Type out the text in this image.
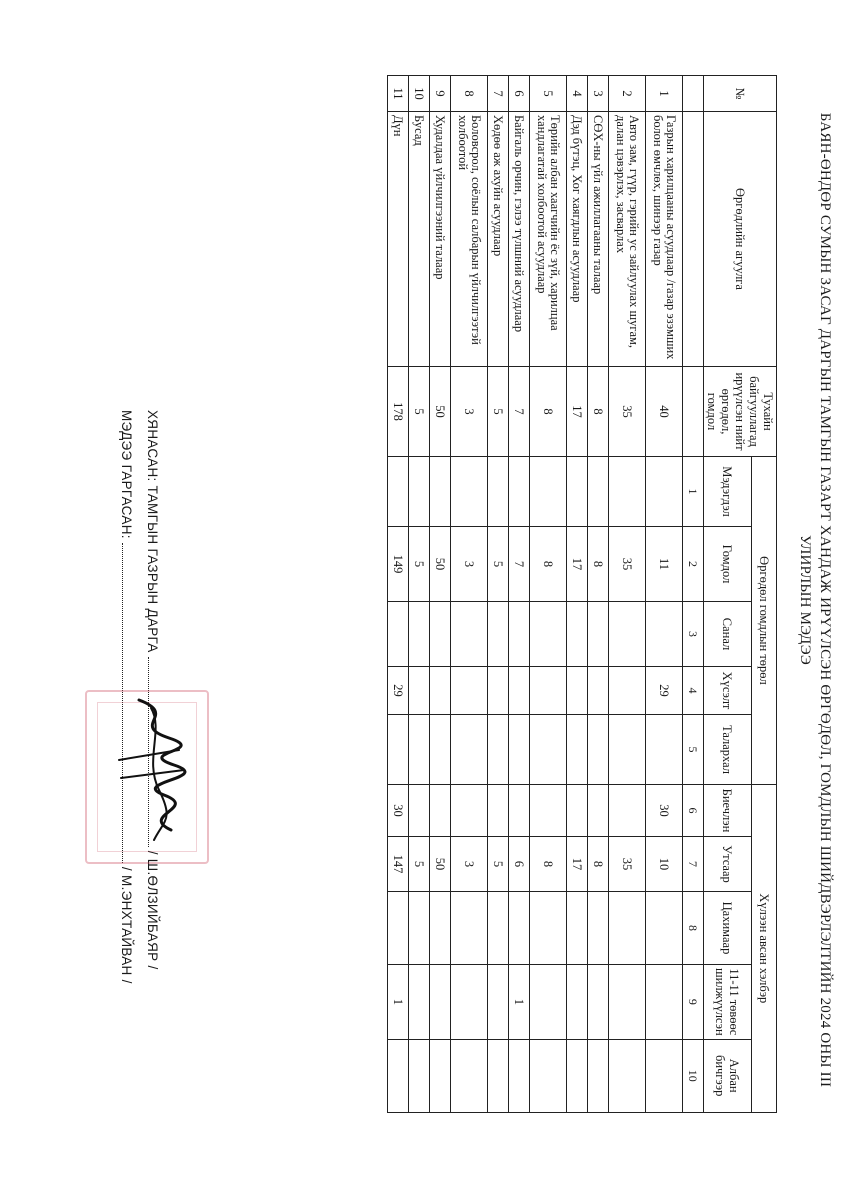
БАЯН-ӨНДӨР СУМЫН ЗАСАГ ДАРГЫН ТАМГЫН ГАЗАРТ ХАНДАЖ ИРҮҮЛСЭН ӨРГӨДӨЛ, ГОМДЛЫН ШИЙДВЭРЛЭЛТИЙН 2024 ОНЫ III
УЛИРЛЫН МЭДЭЭ
№	Өргөдлийн агуулга	Тухайн байгууллагад ирүүлсэн нийт өргөдөл, гомдол	Өргөдөл гомдлын төрөл					Хүлээн авсан хэлбэр				
			Мэдэгдэл	Гомдол	Санал	Хүсэлт	Талархал	Биечлэн	Утсаар	Цахимаар	11-11 төвөөс шилжүүлсэн	Албан бичгээр
			1	2	3	4	5	6	7	8	9	10
1	Газрын харилцааны асуудлаар /газар эзэмших болон өмчлөх, шинээр газар	40		11		29		30	10			
2	Авто зам, гүүр, гэрийн ус зайлуулах шугам, далан цэвэрлэх, засварлах	35		35					35			
3	СӨХ-ны үйл ажиллагааны талаар	8		8					8			
4	Дэд бүтэц, Хог хаягдлын асуудлаар	17		17					17			
5	Төрийн албан хаагчийн ёс зүй, харилцаа хандлагатай холбоотой асуудлаар	8		8					8			
6	Байгаль орчин, гэлээ түлшний асуудлаар	7		7					6		1	
7	Хөдөө аж ахуйн асуудлаар	5		5					5			
8	Боловсрол, соёлын салбарын үйлчилгээтэй холбоотой	3		3					3			
9	Худалдаа үйлчилгээний талаар	50		50					50			
10	Бусад	5		5					5			
11	Дүн	178		149		29		30	147		1	
ХЯНАСАН: ТАМГЫН ГАЗРЫН ДАРГА  / Ш.ӨЛЗИЙБАЯР /
МЭДЭЭ ГАРГАСАН:  / М.ЭНХТАЙВАН /
